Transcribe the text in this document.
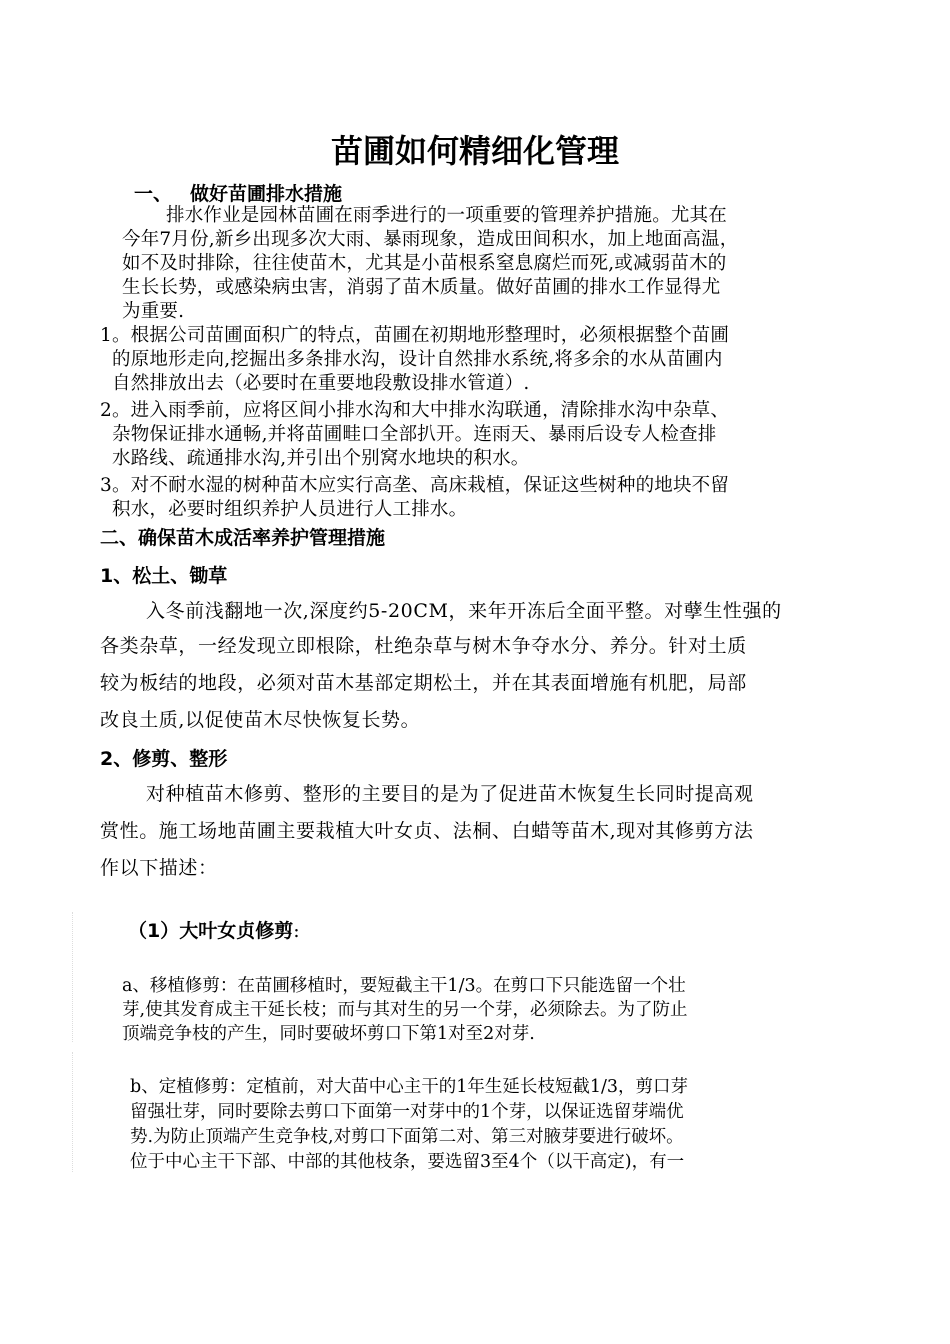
苗圃如何精细化管理
一、 做好苗圃排水措施
排水作业是园林苗圃在雨季进行的一项重要的管理养护措施。尤其在
今年7月份,新乡出现多次大雨、暴雨现象，造成田间积水，加上地面高温，
如不及时排除，往往使苗木，尤其是小苗根系窒息腐烂而死,或减弱苗木的
生长长势，或感染病虫害，消弱了苗木质量。做好苗圃的排水工作显得尤
为重要.
1。根据公司苗圃面积广的特点，苗圃在初期地形整理时，必须根据整个苗圃
的原地形走向,挖掘出多条排水沟，设计自然排水系统,将多余的水从苗圃内
自然排放出去（必要时在重要地段敷设排水管道）.
2。进入雨季前，应将区间小排水沟和大中排水沟联通，清除排水沟中杂草、
杂物保证排水通畅,并将苗圃畦口全部扒开。连雨天、暴雨后设专人检查排
水路线、疏通排水沟,并引出个别窝水地块的积水。
3。对不耐水湿的树种苗木应实行高垄、高床栽植，保证这些树种的地块不留
积水，必要时组织养护人员进行人工排水。
二、确保苗木成活率养护管理措施
1、松土、锄草
入冬前浅翻地一次,深度约5-20CM，来年开冻后全面平整。对孽生性强的
各类杂草，一经发现立即根除，杜绝杂草与树木争夺水分、养分。针对土质
较为板结的地段，必须对苗木基部定期松土，并在其表面增施有机肥，局部
改良土质,以促使苗木尽快恢复长势。
2、修剪、整形
对种植苗木修剪、整形的主要目的是为了促进苗木恢复生长同时提高观
赏性。施工场地苗圃主要栽植大叶女贞、法桐、白蜡等苗木,现对其修剪方法
作以下描述：
（1）大叶女贞修剪:
a、移植修剪：在苗圃移植时，要短截主干1/3。在剪口下只能选留一个壮
芽,使其发育成主干延长枝；而与其对生的另一个芽，必须除去。为了防止
顶端竞争枝的产生，同时要破坏剪口下第1对至2对芽.
b、定植修剪：定植前，对大苗中心主干的1年生延长枝短截1/3，剪口芽
留强壮芽，同时要除去剪口下面第一对芽中的1个芽，以保证选留芽端优
势.为防止顶端产生竞争枝,对剪口下面第二对、第三对腋芽要进行破坏。
位于中心主干下部、中部的其他枝条，要选留3至4个（以干高定)，有一
